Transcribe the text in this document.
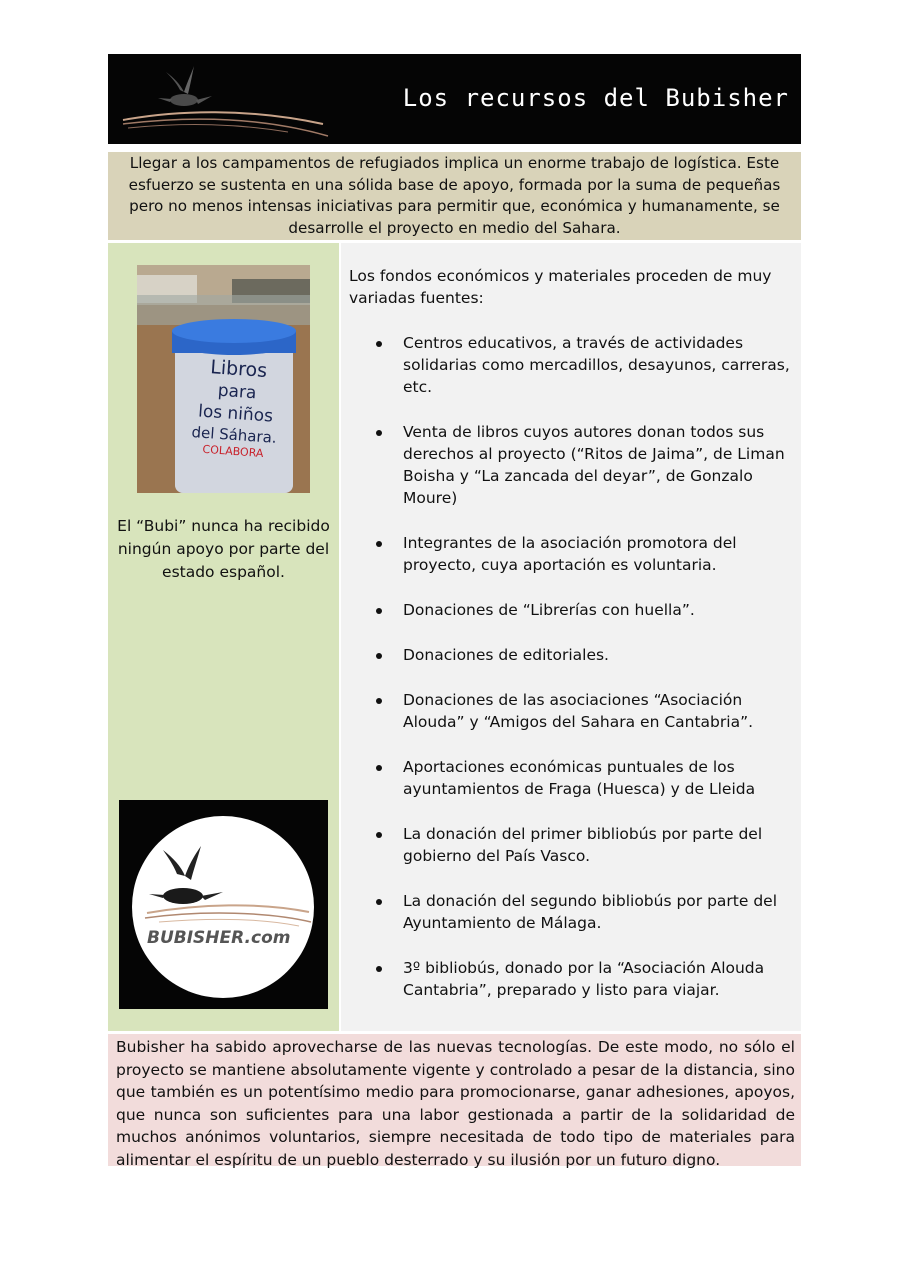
Los recursos del Bubisher

Llegar a los campamentos de refugiados implica un enorme trabajo de logística. Este esfuerzo se sustenta en una sólida base de apoyo, formada por la suma de pequeñas pero no menos intensas iniciativas para permitir que, económica y humanamente, se desarrolle el proyecto en medio del Sahara.

Libros
para
los niños
del Sáhara.
COLABORA
El “Bubi” nunca ha recibido ningún apoyo por parte del estado español.
BUBISHER.com

Los fondos económicos y materiales proceden de muy variadas fuentes:

Centros educativos, a través de actividades solidarias como mercadillos, desayunos, carreras, etc.
Venta de libros cuyos autores donan todos sus derechos al proyecto (“Ritos de Jaima”, de Liman Boisha y “La zancada del deyar”, de Gonzalo Moure)
Integrantes de la asociación promotora del proyecto, cuya aportación es voluntaria.
Donaciones de “Librerías con huella”.
Donaciones de editoriales.
Donaciones de las asociaciones “Asociación Alouda” y “Amigos del Sahara en Cantabria”.
Aportaciones económicas puntuales de los ayuntamientos de Fraga (Huesca) y de Lleida
La donación del primer bibliobús por parte del gobierno del País Vasco.
La donación del segundo bibliobús por parte del Ayuntamiento de Málaga.
3º bibliobús, donado por la “Asociación Alouda Cantabria”, preparado y listo para viajar.

Bubisher ha sabido aprovecharse de las nuevas tecnologías. De este modo, no sólo el proyecto se mantiene absolutamente vigente y controlado a pesar de la distancia, sino que también es un potentísimo medio para promocionarse, ganar adhesiones, apoyos, que nunca son suficientes para una labor gestionada a partir de la solidaridad de muchos anónimos voluntarios, siempre necesitada de todo tipo de materiales para alimentar el espíritu de un pueblo desterrado y su ilusión por un futuro digno.
